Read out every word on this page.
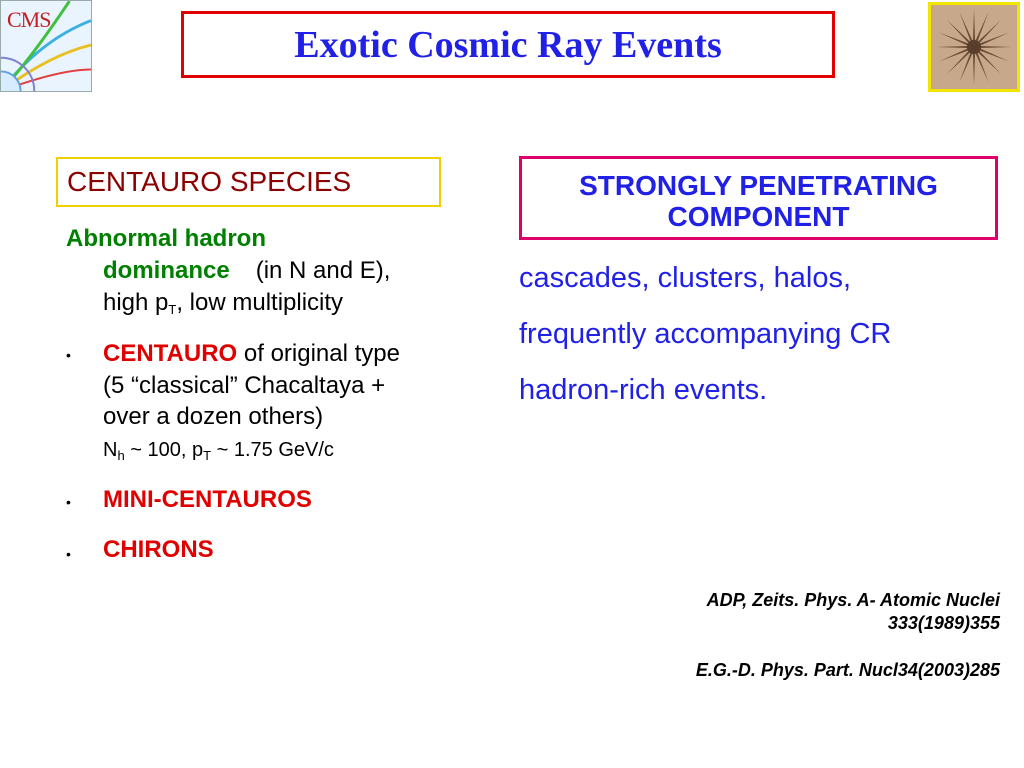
CMS
Exotic Cosmic Ray Events
CENTAURO SPECIES
Abnormal hadron
dominance (in N and E),
high $p_T$, low multiplicity
• CENTAURO of original type
(5 “classical” Chacaltaya +
over a dozen others)
$N_h$ ~ 100, $p_T$ ~ 1.75 GeV/c
• MINI-CENTAUROS
• CHIRONS
STRONGLY PENETRATING
COMPONENT
cascades, clusters, halos,
frequently accompanying CR
hadron-rich events.
ADP, Zeits. Phys. A- Atomic Nuclei
333(1989)355
E.G.-D. Phys. Part. Nucl34(2003)285
